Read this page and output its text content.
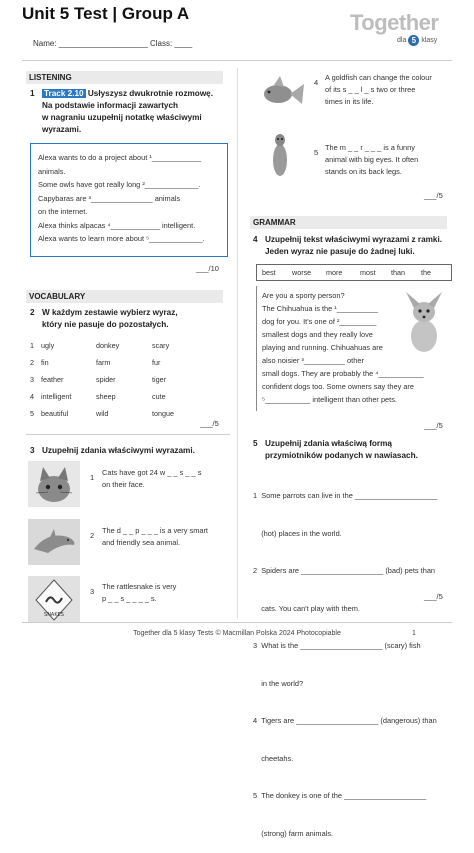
Unit 5 Test | Group A	Together
dla 5 klasy
Name: ____________________ Class: ____
LISTENING
1 Track 2.10 Usłyszysz dwukrotnie rozmowę.
Na podstawie informacji zawartych
w nagraniu uzupełnij notatkę właściwymi
wyrazami.
Alexa wants to do a project about ¹____________
animals.
Some owls have got really long ²_____________.
Capybaras are ³_______________ animals
on the internet.
Alexa thinks alpacas ⁴____________ intelligent.
Alexa wants to learn more about ⁵_____________.
___/10
VOCABULARY
2 W każdym zestawie wybierz wyraz,
który nie pasuje do pozostałych.
1 ugly	donkey	scary
2 fin	farm	fur
3 feather	spider	tiger
4 intelligent	sheep	cute
5 beautiful	wild	tongue
___/5
3 Uzupełnij zdania właściwymi wyrazami.
1
Cats have got 24 w _ _ s _ _ s
on their face.
2
The d _ _ p _ _ _ is a very smart
and friendly sea animal.
SNAKES
3
The rattlesnake is very
p _ _ s _ _ _ _ s.
4
A goldfish can change the colour
of its s _ _ l _ s two or three
times in its life.
5
The m _ _ r _ _ _ is a funny
animal with big eyes. It often
stands on its back legs.
___/5
GRAMMAR
4 Uzupełnij tekst właściwymi wyrazami z ramki.
Jeden wyraz nie pasuje do żadnej luki.
best worse more most than the
Are you a sporty person?
The Chihuahua is the ¹__________
dog for you. It's one of ²_________
smallest dogs and they really love
playing and running. Chihuahuas are
also noisier ³__________ other
small dogs. They are probably the ⁴___________
confident dogs too. Some owners say they are
⁵___________ intelligent than other pets.
___/5
5 Uzupełnij zdania właściwą formą
przymiotników podanych w nawiasach.

1  Some parrots can live in the ____________________

(hot) places in the world.

2  Spiders are ____________________ (bad) pets than

cats. You can't play with them.

3  What is the ____________________ (scary) fish

in the world?

4  Tigers are ____________________ (dangerous) than

cheetahs.

5  The donkey is one of the ____________________

(strong) farm animals.

___/5
Together dla 5 klasy Tests © Macmillan Polska 2024 Photocopiable	1
